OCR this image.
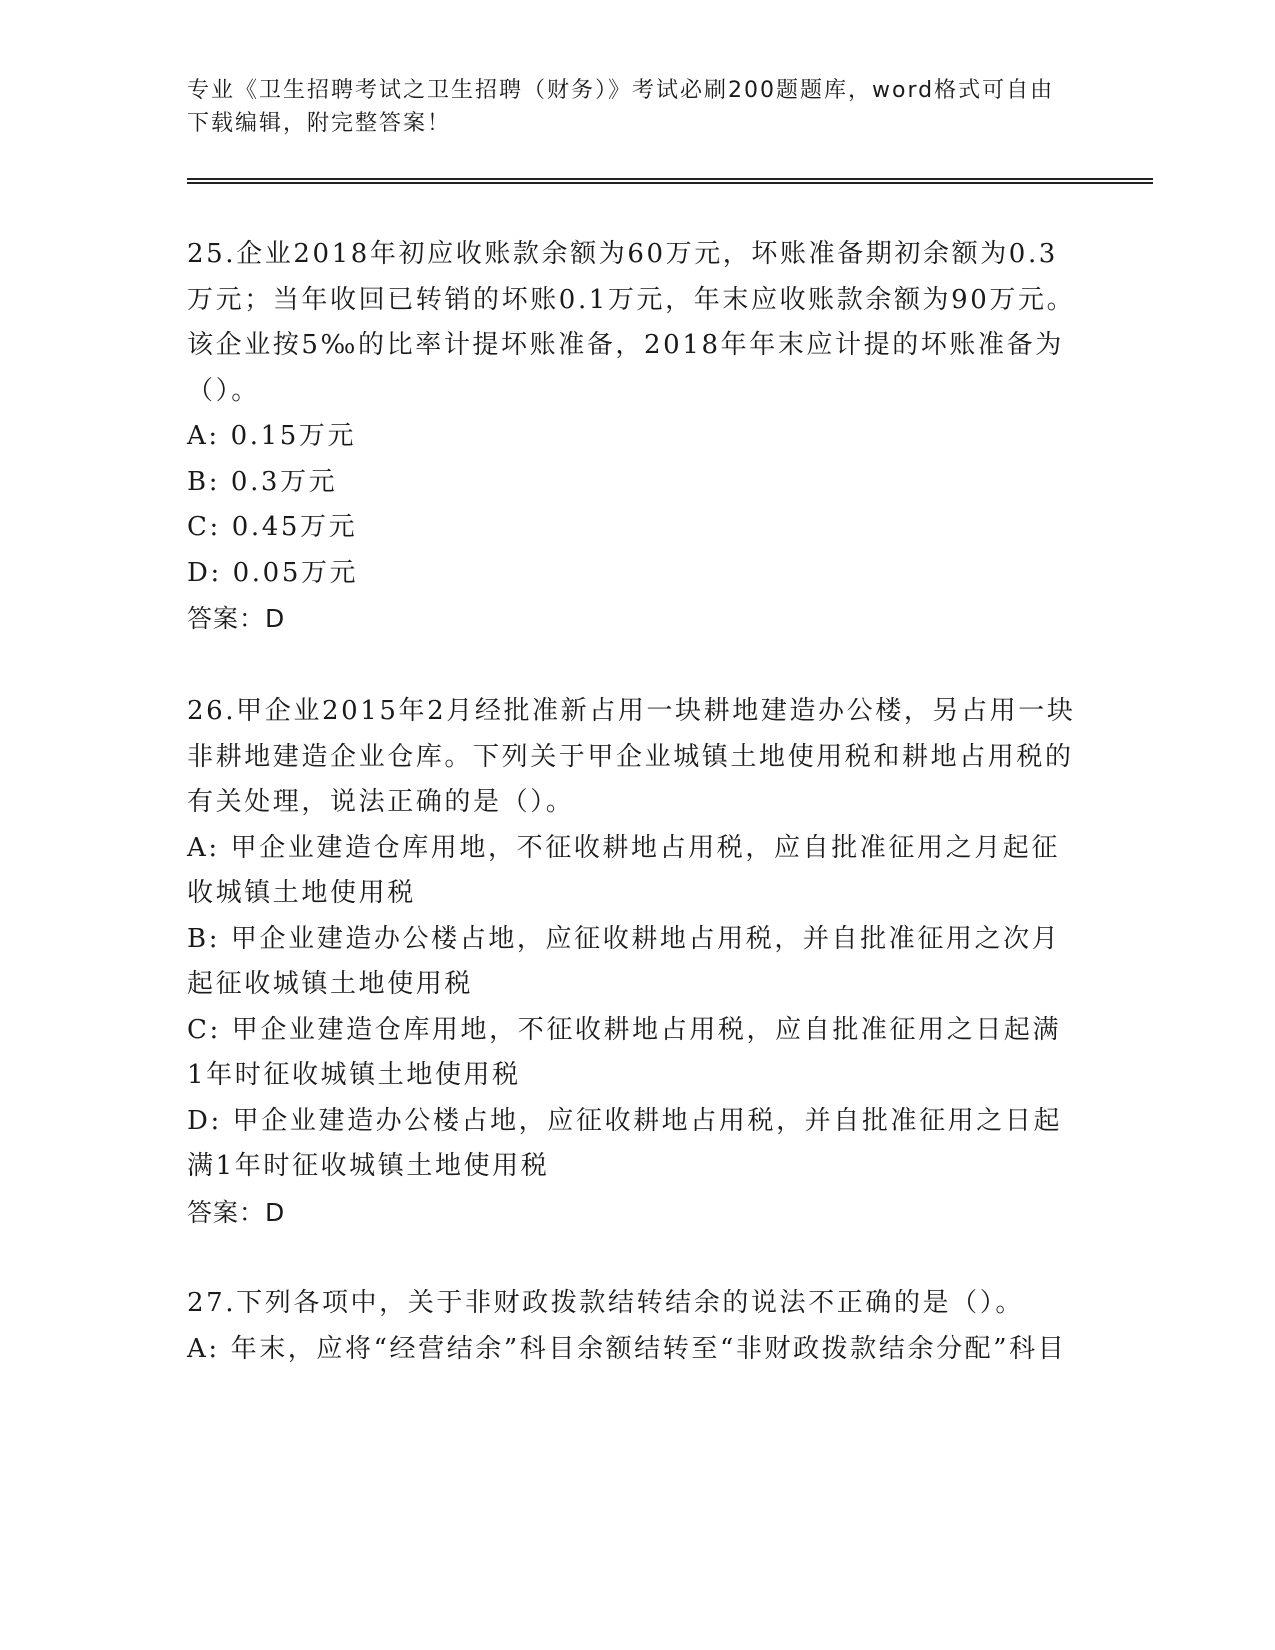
专业《卫生招聘考试之卫生招聘（财务）》考试必刷200题题库，word格式可自由下载编辑，附完整答案！

25.企业2018年初应收账款余额为60万元，坏账准备期初余额为0.3万元；当年收回已转销的坏账0.1万元，年末应收账款余额为90万元。该企业按5‰的比率计提坏账准备，2018年年末应计提的坏账准备为（）。

A: 0.15万元

B: 0.3万元

C: 0.45万元

D: 0.05万元

答案：D

26.甲企业2015年2月经批准新占用一块耕地建造办公楼，另占用一块非耕地建造企业仓库。下列关于甲企业城镇土地使用税和耕地占用税的有关处理，说法正确的是（）。

A: 甲企业建造仓库用地，不征收耕地占用税，应自批准征用之月起征收城镇土地使用税

B: 甲企业建造办公楼占地，应征收耕地占用税，并自批准征用之次月起征收城镇土地使用税

C: 甲企业建造仓库用地，不征收耕地占用税，应自批准征用之日起满1年时征收城镇土地使用税

D: 甲企业建造办公楼占地，应征收耕地占用税，并自批准征用之日起满1年时征收城镇土地使用税

答案：D

27.下列各项中，关于非财政拨款结转结余的说法不正确的是（）。

A: 年末，应将“经营结余”科目余额结转至“非财政拨款结余分配”科目
